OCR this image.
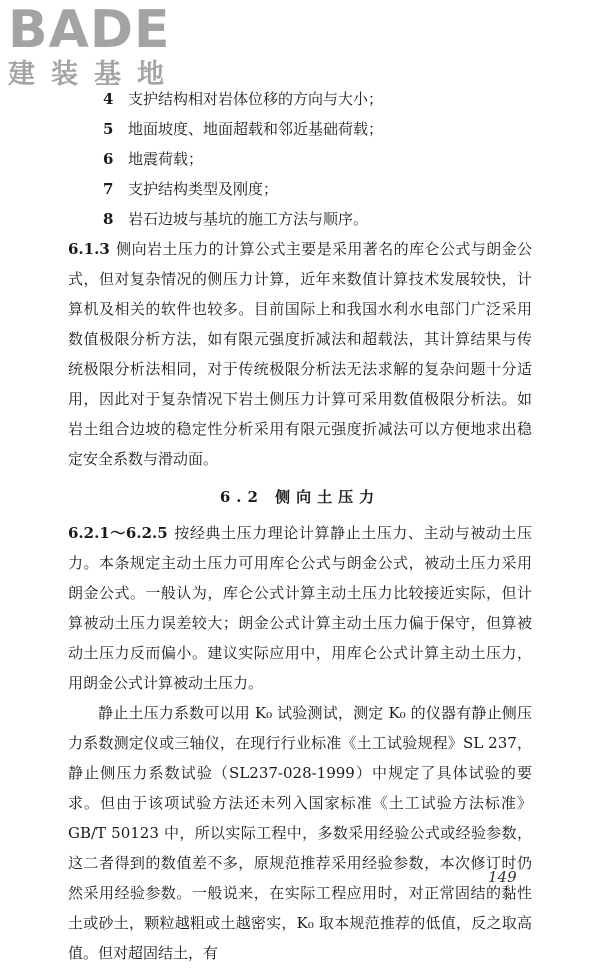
BADE
建装基地
4 支护结构相对岩体位移的方向与大小；
5 地面坡度、地面超载和邻近基础荷载；
6 地震荷载；
7 支护结构类型及刚度；
8 岩石边坡与基坑的施工方法与顺序。

6.1.3 侧向岩土压力的计算公式主要是采用著名的库仑公式与朗金公式，但对复杂情况的侧压力计算，近年来数值计算技术发展较快，计算机及相关的软件也较多。目前国际上和我国水利水电部门广泛采用数值极限分析方法，如有限元强度折减法和超载法，其计算结果与传统极限分析法相同，对于传统极限分析法无法求解的复杂问题十分适用，因此对于复杂情况下岩土侧压力计算可采用数值极限分析法。如岩土组合边坡的稳定性分析采用有限元强度折减法可以方便地求出稳定安全系数与滑动面。

6.2 侧向土压力

6.2.1～6.2.5 按经典土压力理论计算静止土压力、主动与被动土压力。本条规定主动土压力可用库仑公式与朗金公式，被动土压力采用朗金公式。一般认为，库仑公式计算主动土压力比较接近实际，但计算被动土压力误差较大；朗金公式计算主动土压力偏于保守，但算被动土压力反而偏小。建议实际应用中，用库仑公式计算主动土压力，用朗金公式计算被动土压力。

静止土压力系数可以用 K₀ 试验测试，测定 K₀ 的仪器有静止侧压力系数测定仪或三轴仪，在现行行业标准《土工试验规程》SL 237，静止侧压力系数试验（SL237-028-1999）中规定了具体试验的要求。但由于该项试验方法还未列入国家标准《土工试验方法标准》GB/T 50123 中，所以实际工程中，多数采用经验公式或经验参数，这二者得到的数值差不多，原规范推荐采用经验参数，本次修订时仍然采用经验参数。一般说来，在实际工程应用时，对正常固结的黏性土或砂土，颗粒越粗或土越密实，K₀ 取本规范推荐的低值，反之取高值。但对超固结土，有

149
